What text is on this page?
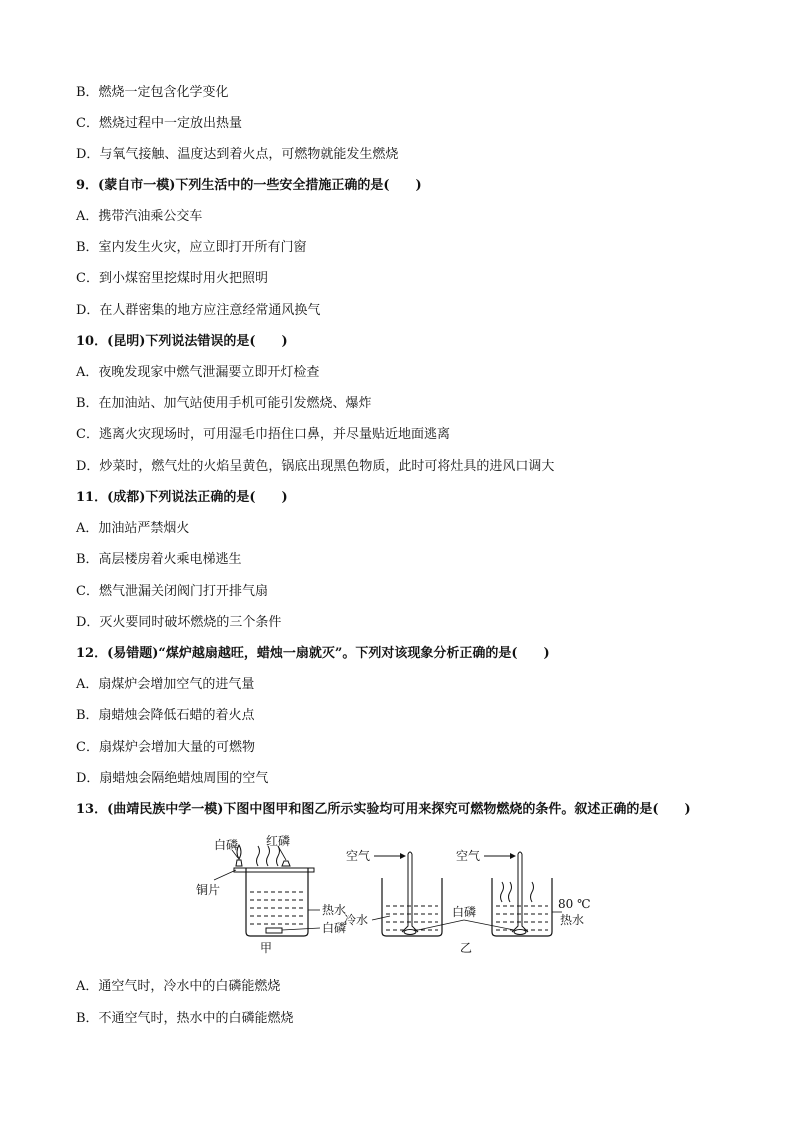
B．燃烧一定包含化学变化
C．燃烧过程中一定放出热量
D．与氧气接触、温度达到着火点，可燃物就能发生燃烧
9．(蒙自市一模)下列生活中的一些安全措施正确的是(　　)
A．携带汽油乘公交车
B．室内发生火灾，应立即打开所有门窗
C．到小煤窑里挖煤时用火把照明
D．在人群密集的地方应注意经常通风换气
10．(昆明)下列说法错误的是(　　)
A．夜晚发现家中燃气泄漏要立即开灯检查
B．在加油站、加气站使用手机可能引发燃烧、爆炸
C．逃离火灾现场时，可用湿毛巾捂住口鼻，并尽量贴近地面逃离
D．炒菜时，燃气灶的火焰呈黄色，锅底出现黑色物质，此时可将灶具的进风口调大
11．(成都)下列说法正确的是(　　)
A．加油站严禁烟火
B．高层楼房着火乘电梯逃生
C．燃气泄漏关闭阀门打开排气扇
D．灭火要同时破坏燃烧的三个条件
12．(易错题)“煤炉越扇越旺，蜡烛一扇就灭”。下列对该现象分析正确的是(　　)
A．扇煤炉会增加空气的进气量
B．扇蜡烛会降低石蜡的着火点
C．扇煤炉会增加大量的可燃物
D．扇蜡烛会隔绝蜡烛周围的空气
13．(曲靖民族中学一模)下图中图甲和图乙所示实验均可用来探究可燃物燃烧的条件。叙述正确的是(　　)
A．通空气时，冷水中的白磷能燃烧
B．不通空气时，热水中的白磷能燃烧
白磷 红磷
铜片
热水
白磷
甲
空气	空气
冷水
白磷
80 ℃
热水
乙
